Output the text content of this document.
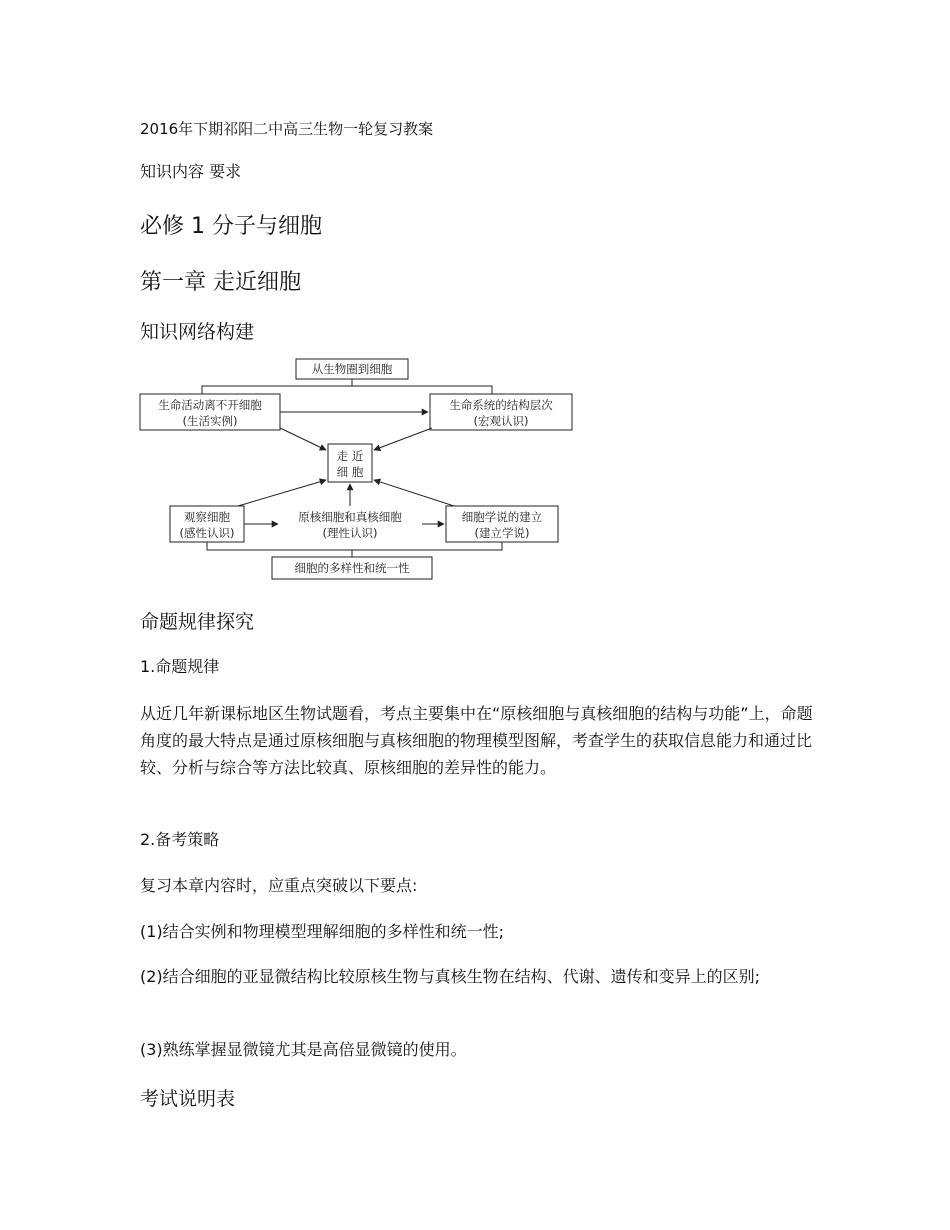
2016年下期祁阳二中高三生物一轮复习教案
知识内容 要求
必修 1 分子与细胞
第一章 走近细胞
知识网络构建
从生物圈到细胞
生命活动离不开细胞
(生活实例)
生命系统的结构层次
(宏观认识)
走 近
细 胞
观察细胞
(感性认识)
原核细胞和真核细胞
(理性认识)
细胞学说的建立
(建立学说)
细胞的多样性和统一性
命题规律探究
1.命题规律
从近几年新课标地区生物试题看，考点主要集中在“原核细胞与真核细胞的结构与功能”上，命题角度的最大特点是通过原核细胞与真核细胞的物理模型图解，考查学生的获取信息能力和通过比较、分析与综合等方法比较真、原核细胞的差异性的能力。
2.备考策略
复习本章内容时，应重点突破以下要点:
(1)结合实例和物理模型理解细胞的多样性和统一性;
(2)结合细胞的亚显微结构比较原核生物与真核生物在结构、代谢、遗传和变异上的区别;
(3)熟练掌握显微镜尤其是高倍显微镜的使用。
考试说明表
